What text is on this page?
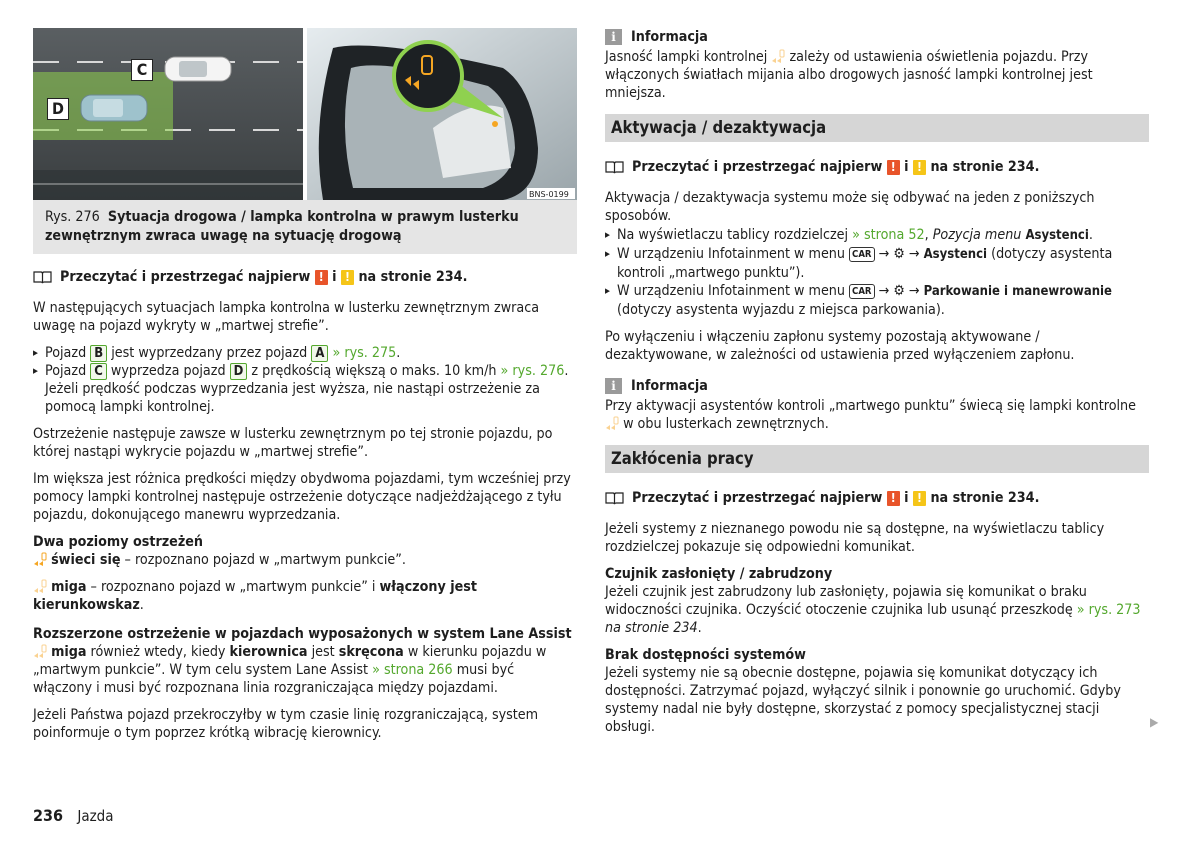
BNS-0199
C
D
Rys. 276 Sytuacja drogowa / lampka kontrolna w prawym lusterku zewnętrznym zwraca uwagę na sytuację drogową
Przeczytać i przestrzegać najpierw
!
i
!
na stronie 234.

W następujących sytuacjach lampka kontrolna w lusterku zewnętrznym zwraca uwagę na pojazd wykryty w „martwej strefie”.

▸ Pojazd B jest wyprzedzany przez pojazd A » rys. 275.

▸ Pojazd C wyprzedza pojazd D z prędkością większą o maks. 10 km/h » rys. 276. Jeżeli prędkość podczas wyprzedzania jest wyższa, nie nastąpi ostrzeżenie za pomocą lampki kontrolnej.

Ostrzeżenie następuje zawsze w lusterku zewnętrznym po tej stronie pojazdu, po której nastąpi wykrycie pojazdu w „martwej strefie”.

Im większa jest różnica prędkości między obydwoma pojazdami, tym wcześniej przy pomocy lampki kontrolnej następuje ostrzeżenie dotyczące nadjeżdżającego z tyłu pojazdu, dokonującego manewru wyprzedzania.

Dwa poziomy ostrzeżeń

świeci się – rozpoznano pojazd w „martwym punkcie”.

miga – rozpoznano pojazd w „martwym punkcie” i włączony jest kierunkowskaz.

Rozszerzone ostrzeżenie w pojazdach wyposażonych w system Lane Assist

miga również wtedy, kiedy kierownica jest skręcona w kierunku pojazdu w „martwym punkcie”. W tym celu system Lane Assist » strona 266 musi być włączony i musi być rozpoznana linia rozgraniczająca między pojazdami.

Jeżeli Państwa pojazd przekroczyłby w tym czasie linię rozgraniczającą, system poinformuje o tym poprzez krótką wibrację kierownicy.

i	Informacja

Jasność lampki kontrolnej zależy od ustawienia oświetlenia pojazdu. Przy włączonych światłach mijania albo drogowych jasność lampki kontrolnej jest mniejsza.

Aktywacja / dezaktywacja
Przeczytać i przestrzegać najpierw
!
i
!
na stronie 234.

Aktywacja / dezaktywacja systemu może się odbywać na jeden z poniższych sposobów.

▸ Na wyświetlaczu tablicy rozdzielczej » strona 52, Pozycja menu Asystenci.

▸ W urządzeniu Infotainment w menu CAR → ⚙ → Asystenci (dotyczy asystenta kontroli „martwego punktu”).

▸ W urządzeniu Infotainment w menu CAR → ⚙ → Parkowanie i manewrowanie (dotyczy asystenta wyjazdu z miejsca parkowania).

Po wyłączeniu i włączeniu zapłonu systemy pozostają aktywowane / dezaktywowane, w zależności od ustawienia przed wyłączeniem zapłonu.

i	Informacja

Przy aktywacji asystentów kontroli „martwego punktu” świecą się lampki kontrolne  w obu lusterkach zewnętrznych.

Zakłócenia pracy
Przeczytać i przestrzegać najpierw
!
i
!
na stronie 234.

Jeżeli systemy z nieznanego powodu nie są dostępne, na wyświetlaczu tablicy rozdzielczej pokazuje się odpowiedni komunikat.

Czujnik zasłonięty / zabrudzony

Jeżeli czujnik jest zabrudzony lub zasłonięty, pojawia się komunikat o braku widoczności czujnika. Oczyścić otoczenie czujnika lub usunąć przeszkodę » rys. 273 na stronie 234.

Brak dostępności systemów

Jeżeli systemy nie są obecnie dostępne, pojawia się komunikat dotyczący ich dostępności. Zatrzymać pojazd, wyłączyć silnik i ponownie go uruchomić. Gdyby systemy nadal nie były dostępne, skorzystać z pomocy specjalistycznej stacji obsługi.	▶
236 Jazda
